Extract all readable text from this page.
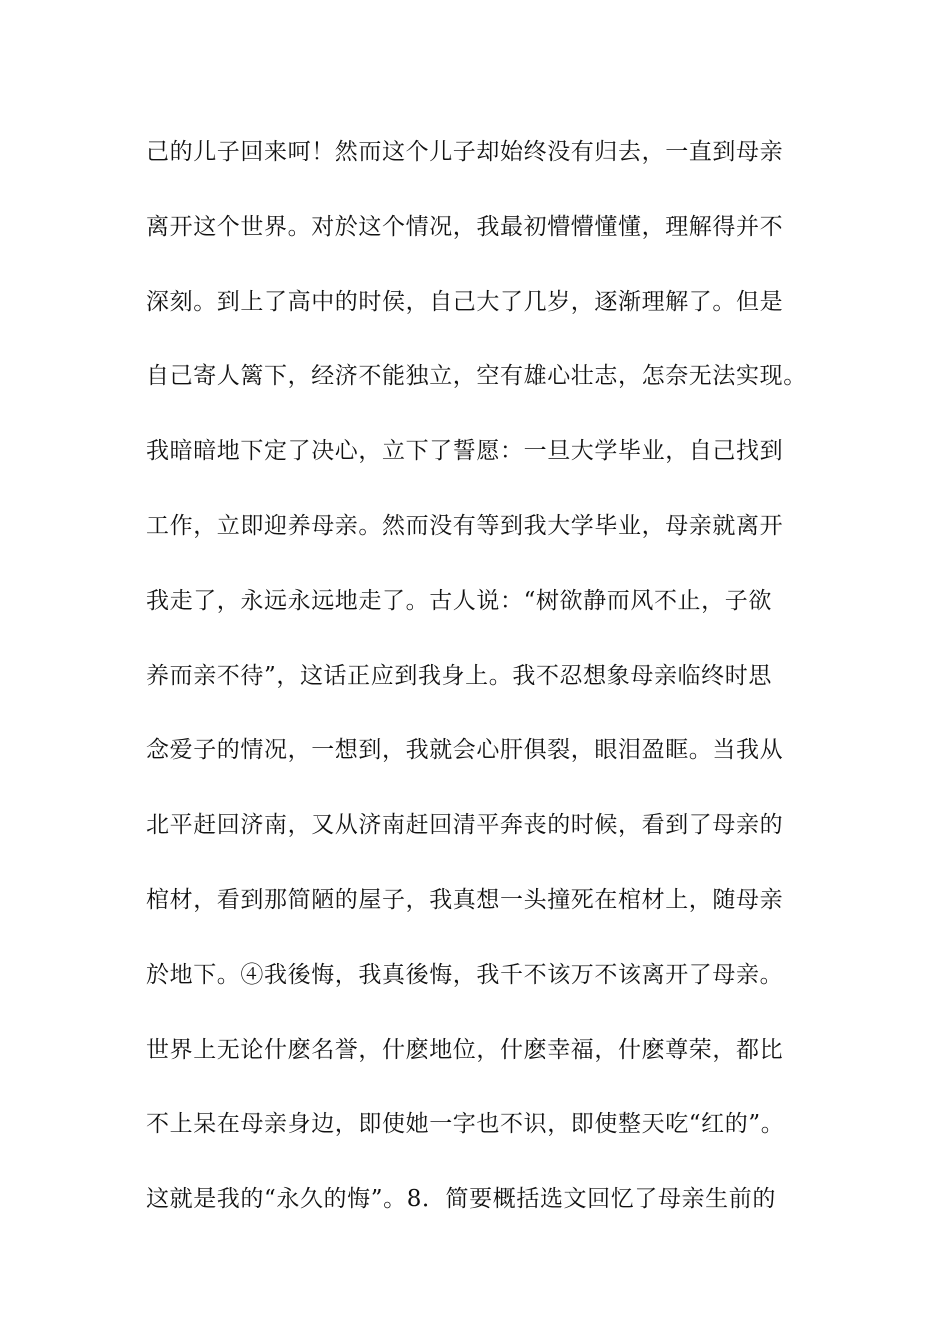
己的儿子回来呵！然而这个儿子却始终没有归去，一直到母亲
离开这个世界。对於这个情况，我最初懵懵懂懂，理解得并不
深刻。到上了高中的时侯，自己大了几岁，逐渐理解了。但是
自己寄人篱下，经济不能独立，空有雄心壮志，怎奈无法实现。
我暗暗地下定了决心，立下了誓愿：一旦大学毕业，自己找到
工作，立即迎养母亲。然而没有等到我大学毕业，母亲就离开
我走了，永远永远地走了。古人说：“树欲静而风不止，子欲
养而亲不待”，这话正应到我身上。我不忍想象母亲临终时思
念爱子的情况，一想到，我就会心肝俱裂，眼泪盈眶。当我从
北平赶回济南，又从济南赶回清平奔丧的时候，看到了母亲的
棺材，看到那简陋的屋子，我真想一头撞死在棺材上，随母亲
於地下。④我後悔，我真後悔，我千不该万不该离开了母亲。
世界上无论什麽名誉，什麽地位，什麽幸福，什麽尊荣，都比
不上呆在母亲身边，即使她一字也不识，即使整天吃“红的”。
这就是我的“永久的悔”。8．简要概括选文回忆了母亲生前的
